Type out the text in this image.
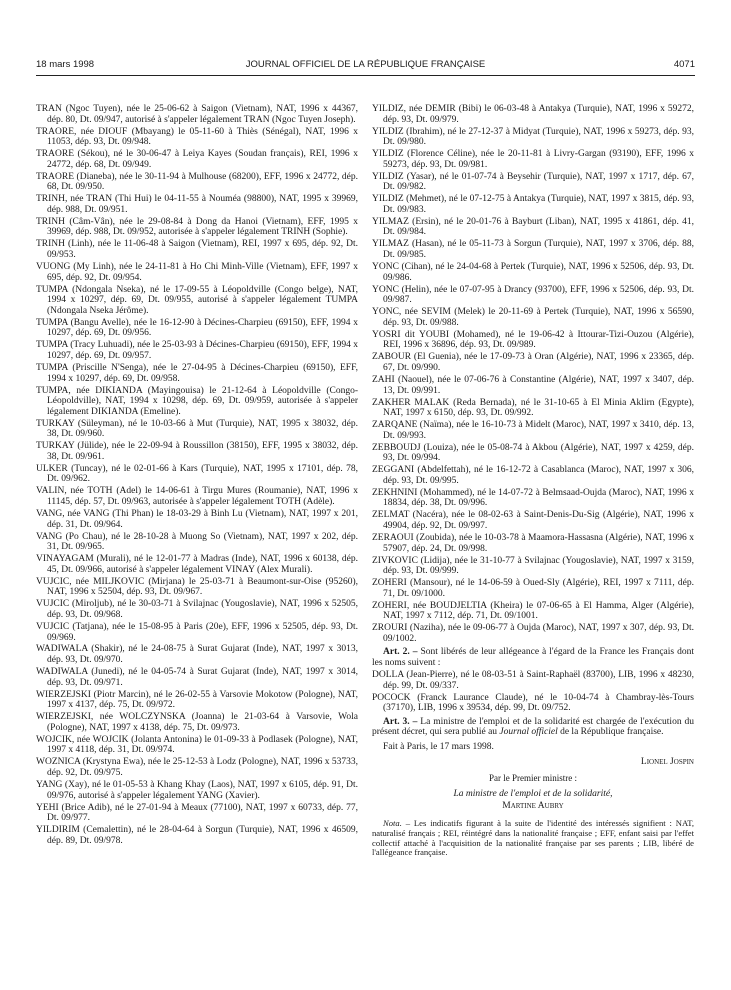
18 mars 1998	JOURNAL OFFICIEL DE LA RÉPUBLIQUE FRANÇAISE	4071

TRAN (Ngoc Tuyen), née le 25-06-62 à Saigon (Vietnam), NAT, 1996 x 44367, dép. 80, Dt. 09/947, autorisé à s'appeler légalement TRAN (Ngoc Tuyen Joseph).

TRAORE, née DIOUF (Mbayang) le 05-11-60 à Thiès (Sénégal), NAT, 1996 x 11053, dép. 93, Dt. 09/948.

TRAORE (Sékou), né le 30-06-47 à Leiya Kayes (Soudan français), REI, 1996 x 24772, dép. 68, Dt. 09/949.

TRAORE (Dianeba), née le 30-11-94 à Mulhouse (68200), EFF, 1996 x 24772, dép. 68, Dt. 09/950.

TRINH, née TRAN (Thi Hui) le 04-11-55 à Nouméa (98800), NAT, 1995 x 39969, dép. 988, Dt. 09/951.

TRINH (Câm-Vân), née le 29-08-84 à Dong da Hanoi (Vietnam), EFF, 1995 x 39969, dép. 988, Dt. 09/952, autorisée à s'appeler légalement TRINH (Sophie).

TRINH (Linh), née le 11-06-48 à Saigon (Vietnam), REI, 1997 x 695, dép. 92, Dt. 09/953.

VUONG (My Linh), née le 24-11-81 à Ho Chi Minh-Ville (Vietnam), EFF, 1997 x 695, dép. 92, Dt. 09/954.

TUMPA (Ndongala Nseka), né le 17-09-55 à Léopoldville (Congo belge), NAT, 1994 x 10297, dép. 69, Dt. 09/955, autorisé à s'appeler légalement TUMPA (Ndongala Nseka Jérôme).

TUMPA (Bangu Avelle), née le 16-12-90 à Décines-Charpieu (69150), EFF, 1994 x 10297, dép. 69, Dt. 09/956.

TUMPA (Tracy Luhuadi), née le 25-03-93 à Décines-Charpieu (69150), EFF, 1994 x 10297, dép. 69, Dt. 09/957.

TUMPA (Priscille N'Senga), née le 27-04-95 à Décines-Charpieu (69150), EFF, 1994 x 10297, dép. 69, Dt. 09/958.

TUMPA, née DIKIANDA (Mayingouisa) le 21-12-64 à Léopoldville (Congo-Léopoldville), NAT, 1994 x 10298, dép. 69, Dt. 09/959, autorisée à s'appeler légalement DIKIANDA (Emeline).

TURKAY (Süleyman), né le 10-03-66 à Mut (Turquie), NAT, 1995 x 38032, dép. 38, Dt. 09/960.

TURKAY (Jülide), née le 22-09-94 à Roussillon (38150), EFF, 1995 x 38032, dép. 38, Dt. 09/961.

ULKER (Tuncay), né le 02-01-66 à Kars (Turquie), NAT, 1995 x 17101, dép. 78, Dt. 09/962.

VALIN, née TOTH (Adel) le 14-06-61 à Tirgu Mures (Roumanie), NAT, 1996 x 11145, dép. 57, Dt. 09/963, autorisée à s'appeler légalement TOTH (Adèle).

VANG, née VANG (Thi Phan) le 18-03-29 à Binh Lu (Vietnam), NAT, 1997 x 201, dép. 31, Dt. 09/964.

VANG (Po Chau), né le 28-10-28 à Muong So (Vietnam), NAT, 1997 x 202, dép. 31, Dt. 09/965.

VINAYAGAM (Murali), né le 12-01-77 à Madras (Inde), NAT, 1996 x 60138, dép. 45, Dt. 09/966, autorisé à s'appeler légalement VINAY (Alex Murali).

VUJCIC, née MILJKOVIC (Mirjana) le 25-03-71 à Beaumont-sur-Oise (95260), NAT, 1996 x 52504, dép. 93, Dt. 09/967.

VUJCIC (Miroljub), né le 30-03-71 à Svilajnac (Yougoslavie), NAT, 1996 x 52505, dép. 93, Dt. 09/968.

VUJCIC (Tatjana), née le 15-08-95 à Paris (20e), EFF, 1996 x 52505, dép. 93, Dt. 09/969.

WADIWALA (Shakir), né le 24-08-75 à Surat Gujarat (Inde), NAT, 1997 x 3013, dép. 93, Dt. 09/970.

WADIWALA (Junedi), né le 04-05-74 à Surat Gujarat (Inde), NAT, 1997 x 3014, dép. 93, Dt. 09/971.

WIERZEJSKI (Piotr Marcin), né le 26-02-55 à Varsovie Mokotow (Pologne), NAT, 1997 x 4137, dép. 75, Dt. 09/972.

WIERZEJSKI, née WOLCZYNSKA (Joanna) le 21-03-64 à Varsovie, Wola (Pologne), NAT, 1997 x 4138, dép. 75, Dt. 09/973.

WOJCIK, née WOJCIK (Jolanta Antonina) le 01-09-33 à Podlasek (Pologne), NAT, 1997 x 4118, dép. 31, Dt. 09/974.

WOZNICA (Krystyna Ewa), née le 25-12-53 à Lodz (Pologne), NAT, 1996 x 53733, dép. 92, Dt. 09/975.

YANG (Xay), né le 01-05-53 à Khang Khay (Laos), NAT, 1997 x 6105, dép. 91, Dt. 09/976, autorisé à s'appeler légalement YANG (Xavier).

YEHI (Brice Adib), né le 27-01-94 à Meaux (77100), NAT, 1997 x 60733, dép. 77, Dt. 09/977.

YILDIRIM (Cemalettin), né le 28-04-64 à Sorgun (Turquie), NAT, 1996 x 46509, dép. 89, Dt. 09/978.

YILDIZ, née DEMIR (Bibi) le 06-03-48 à Antakya (Turquie), NAT, 1996 x 59272, dép. 93, Dt. 09/979.

YILDIZ (Ibrahim), né le 27-12-37 à Midyat (Turquie), NAT, 1996 x 59273, dép. 93, Dt. 09/980.

YILDIZ (Florence Céline), née le 20-11-81 à Livry-Gargan (93190), EFF, 1996 x 59273, dép. 93, Dt. 09/981.

YILDIZ (Yasar), né le 01-07-74 à Beysehir (Turquie), NAT, 1997 x 1717, dép. 67, Dt. 09/982.

YILDIZ (Mehmet), né le 07-12-75 à Antakya (Turquie), NAT, 1997 x 3815, dép. 93, Dt. 09/983.

YILMAZ (Ersin), né le 20-01-76 à Bayburt (Liban), NAT, 1995 x 41861, dép. 41, Dt. 09/984.

YILMAZ (Hasan), né le 05-11-73 à Sorgun (Turquie), NAT, 1997 x 3706, dép. 88, Dt. 09/985.

YONC (Cihan), né le 24-04-68 à Pertek (Turquie), NAT, 1996 x 52506, dép. 93, Dt. 09/986.

YONC (Helin), née le 07-07-95 à Drancy (93700), EFF, 1996 x 52506, dép. 93, Dt. 09/987.

YONC, née SEVIM (Melek) le 20-11-69 à Pertek (Turquie), NAT, 1996 x 56590, dép. 93, Dt. 09/988.

YOSRI dit YOUBI (Mohamed), né le 19-06-42 à Ittourar-Tizi-Ouzou (Algérie), REI, 1996 x 36896, dép. 93, Dt. 09/989.

ZABOUR (El Guenia), née le 17-09-73 à Oran (Algérie), NAT, 1996 x 23365, dép. 67, Dt. 09/990.

ZAHI (Naouel), née le 07-06-76 à Constantine (Algérie), NAT, 1997 x 3407, dép. 13, Dt. 09/991.

ZAKHER MALAK (Reda Bernada), né le 31-10-65 à El Minia Aklirn (Egypte), NAT, 1997 x 6150, dép. 93, Dt. 09/992.

ZARQANE (Naïma), née le 16-10-73 à Midelt (Maroc), NAT, 1997 x 3410, dép. 13, Dt. 09/993.

ZEBBOUDJ (Louiza), née le 05-08-74 à Akbou (Algérie), NAT, 1997 x 4259, dép. 93, Dt. 09/994.

ZEGGANI (Abdelfettah), né le 16-12-72 à Casablanca (Maroc), NAT, 1997 x 306, dép. 93, Dt. 09/995.

ZEKHNINI (Mohammed), né le 14-07-72 à Belmsaad-Oujda (Maroc), NAT, 1996 x 18834, dép. 38, Dt. 09/996.

ZELMAT (Nacéra), née le 08-02-63 à Saint-Denis-Du-Sig (Algérie), NAT, 1996 x 49904, dép. 92, Dt. 09/997.

ZERAOUI (Zoubida), née le 10-03-78 à Maamora-Hassasna (Algérie), NAT, 1996 x 57907, dép. 24, Dt. 09/998.

ZIVKOVIC (Lidija), née le 31-10-77 à Svilajnac (Yougoslavie), NAT, 1997 x 3159, dép. 93, Dt. 09/999.

ZOHERI (Mansour), né le 14-06-59 à Oued-Sly (Algérie), REI, 1997 x 7111, dép. 71, Dt. 09/1000.

ZOHERI, née BOUDJELTIA (Kheira) le 07-06-65 à El Hamma, Alger (Algérie), NAT, 1997 x 7112, dép. 71, Dt. 09/1001.

ZROURI (Naziha), née le 09-06-77 à Oujda (Maroc), NAT, 1997 x 307, dép. 93, Dt. 09/1002.

Art. 2. – Sont libérés de leur allégeance à l'égard de la France les Français dont les noms suivent :

DOLLA (Jean-Pierre), né le 08-03-51 à Saint-Raphaël (83700), LIB, 1996 x 48230, dép. 99, Dt. 09/337.

POCOCK (Franck Laurance Claude), né le 10-04-74 à Chambray-lès-Tours (37170), LIB, 1996 x 39534, dép. 99, Dt. 09/752.

Art. 3. – La ministre de l'emploi et de la solidarité est chargée de l'exécution du présent décret, qui sera publié au Journal officiel de la République française.

Fait à Paris, le 17 mars 1998.

Lionel Jospin

Par le Premier ministre :

La ministre de l'emploi et de la solidarité,

Martine Aubry

Nota. – Les indicatifs figurant à la suite de l'identité des intéressés signifient : NAT, naturalisé français ; REI, réintégré dans la nationalité française ; EFF, enfant saisi par l'effet collectif attaché à l'acquisition de la nationalité française par ses parents ; LIB, libéré de l'allégeance française.
